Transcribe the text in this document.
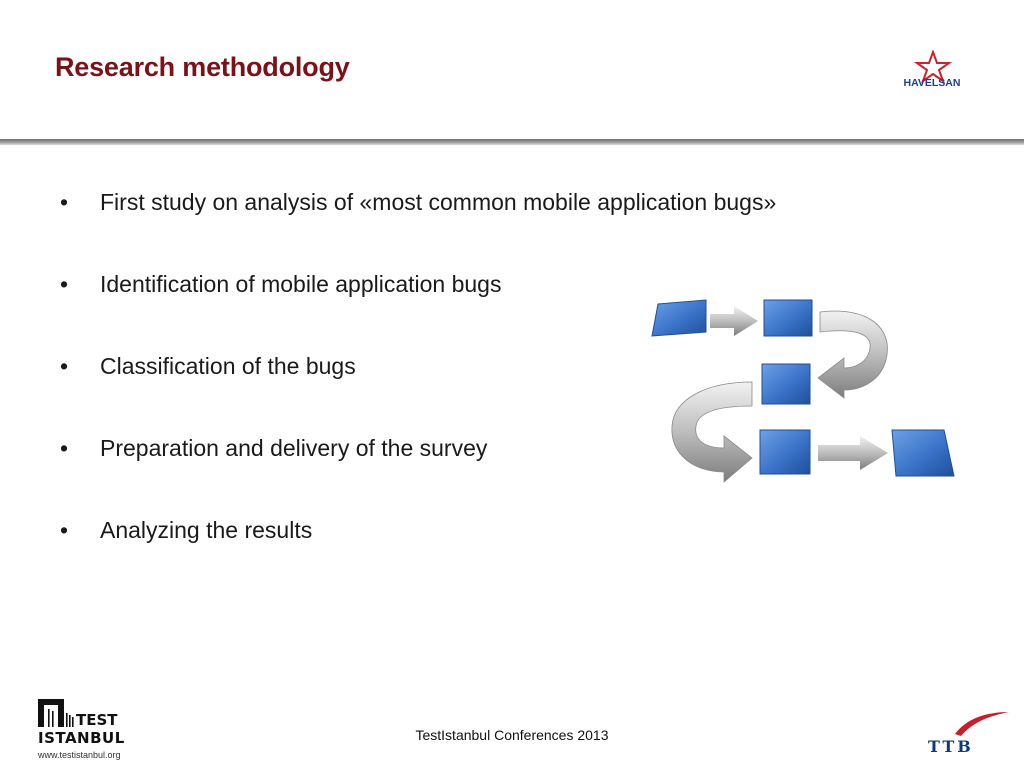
Research methodology
HAVELSAN
• First study on analysis of «most common mobile application bugs»
• Identification of mobile application bugs
• Classification of the bugs
• Preparation and delivery of the survey
• Analyzing the results
TEST
ISTANBUL
www.testistanbul.org
TestIstanbul Conferences 2013
TTB
